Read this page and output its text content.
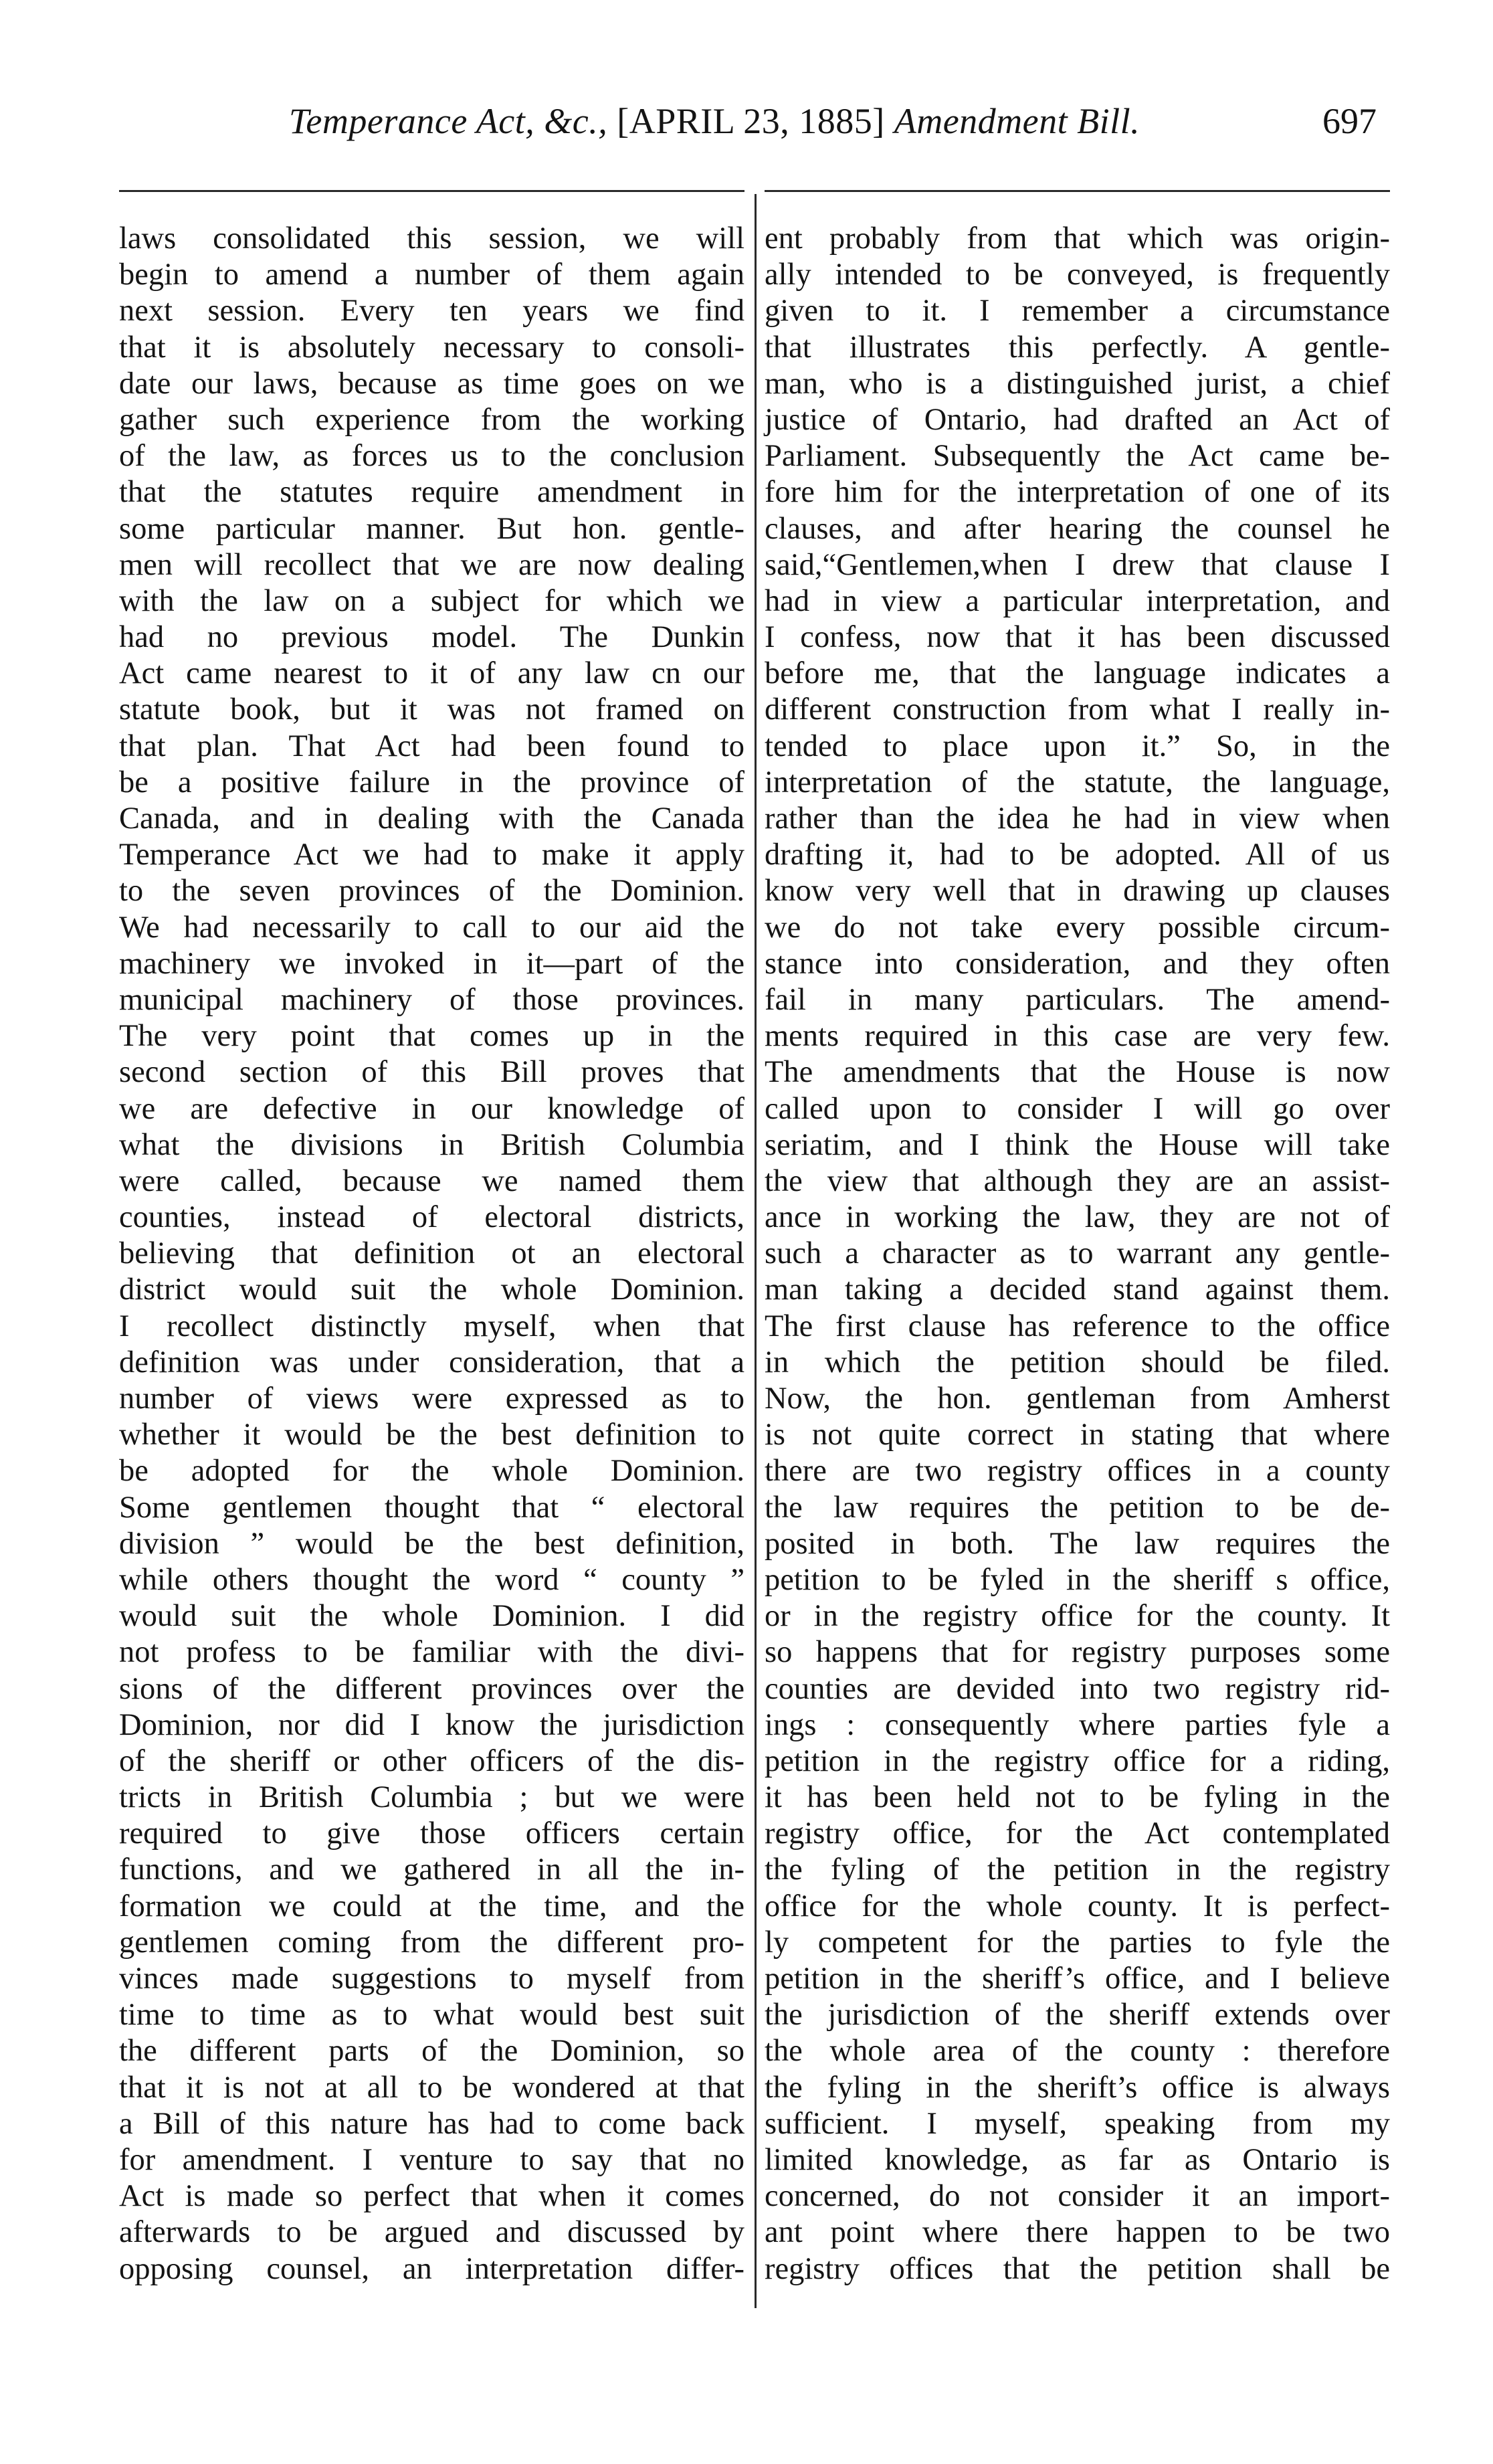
Temperance Act, &c., [APRIL 23, 1885] Amendment Bill.	697
laws consolidated this session, we will
begin to amend a number of them again
next session. Every ten years we find
that it is absolutely necessary to consoli-
date our laws, because as time goes on we
gather such experience from the working
of the law, as forces us to the conclusion
that the statutes require amendment in
some particular manner. But hon. gentle-
men will recollect that we are now dealing
with the law on a subject for which we
had no previous model. The Dunkin
Act came nearest to it of any law cn our
statute book, but it was not framed on
that plan. That Act had been found to
be a positive failure in the province of
Canada, and in dealing with the Canada
Temperance Act we had to make it apply
to the seven provinces of the Dominion.
We had necessarily to call to our aid the
machinery we invoked in it—part of the
municipal machinery of those provinces.
The very point that comes up in the
second section of this Bill proves that
we are defective in our knowledge of
what the divisions in British Columbia
were called, because we named them
counties, instead of electoral districts,
believing that definition ot an electoral
district would suit the whole Dominion.
I recollect distinctly myself, when that
definition was under consideration, that a
number of views were expressed as to
whether it would be the best definition to
be adopted for the whole Dominion.
Some gentlemen thought that “ electoral
division ” would be the best definition,
while others thought the word “ county ”
would suit the whole Dominion. I did
not profess to be familiar with the divi-
sions of the different provinces over the
Dominion, nor did I know the jurisdiction
of the sheriff or other officers of the dis-
tricts in British Columbia ; but we were
required to give those officers certain
functions, and we gathered in all the in-
formation we could at the time, and the
gentlemen coming from the different pro-
vinces made suggestions to myself from
time to time as to what would best suit
the different parts of the Dominion, so
that it is not at all to be wondered at that
a Bill of this nature has had to come back
for amendment. I venture to say that no
Act is made so perfect that when it comes
afterwards to be argued and discussed by
opposing counsel, an interpretation differ-
ent probably from that which was origin-
ally intended to be conveyed, is frequently
given to it. I remember a circumstance
that illustrates this perfectly. A gentle-
man, who is a distinguished jurist, a chief
justice of Ontario, had drafted an Act of
Parliament. Subsequently the Act came be-
fore him for the interpretation of one of its
clauses, and after hearing the counsel he
said,“Gentlemen,when I drew that clause I
had in view a particular interpretation, and
I confess, now that it has been discussed
before me, that the language indicates a
different construction from what I really in-
tended to place upon it.” So, in the
interpretation of the statute, the language,
rather than the idea he had in view when
drafting it, had to be adopted. All of us
know very well that in drawing up clauses
we do not take every possible circum-
stance into consideration, and they often
fail in many particulars. The amend-
ments required in this case are very few.
The amendments that the House is now
called upon to consider I will go over
seriatim, and I think the House will take
the view that although they are an assist-
ance in working the law, they are not of
such a character as to warrant any gentle-
man taking a decided stand against them.
The first clause has reference to the office
in which the petition should be filed.
Now, the hon. gentleman from Amherst
is not quite correct in stating that where
there are two registry offices in a county
the law requires the petition to be de-
posited in both. The law requires the
petition to be fyled in the sheriff s office,
or in the registry office for the county. It
so happens that for registry purposes some
counties are devided into two registry rid-
ings : consequently where parties fyle a
petition in the registry office for a riding,
it has been held not to be fyling in the
registry office, for the Act contemplated
the fyling of the petition in the registry
office for the whole county. It is perfect-
ly competent for the parties to fyle the
petition in the sheriff’s office, and I believe
the jurisdiction of the sheriff extends over
the whole area of the county : therefore
the fyling in the sherift’s office is always
sufficient. I myself, speaking from my
limited knowledge, as far as Ontario is
concerned, do not consider it an import-
ant point where there happen to be two
registry offices that the petition shall be
